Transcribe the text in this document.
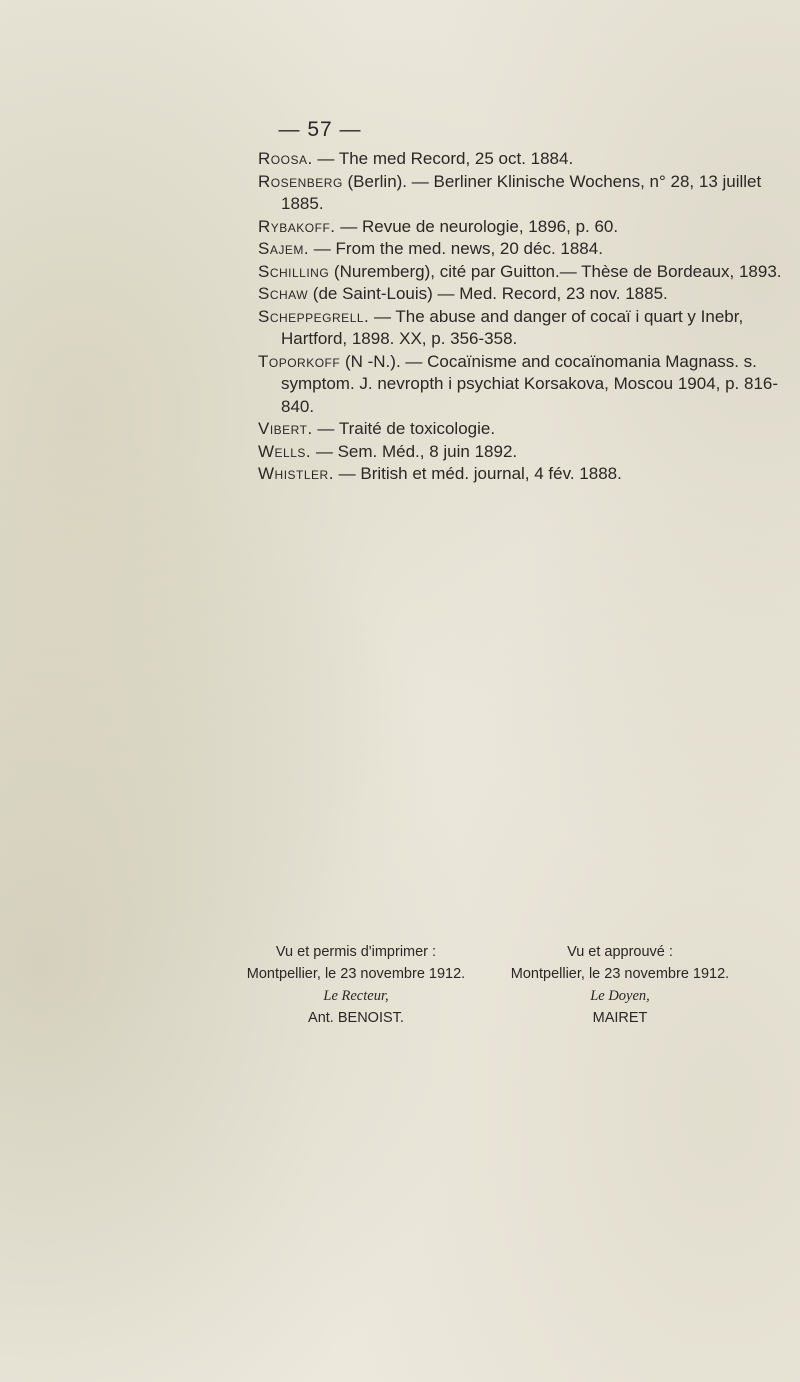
— 57 —

Roosa. — The med Record, 25 oct. 1884.

Rosenberg (Berlin). — Berliner Klinische Wochens, n° 28, 13 juillet 1885.

Rybakoff. — Revue de neurologie, 1896, p. 60.

Sajem. — From the med. news, 20 déc. 1884.

Schilling (Nuremberg), cité par Guitton.— Thèse de Bordeaux, 1893.

Schaw (de Saint-Louis) — Med. Record, 23 nov. 1885.

Scheppegrell. — The abuse and danger of cocaï i quart y Inebr, Hartford, 1898. XX, p. 356-358.

Toporkoff (N -N.). — Cocaïnisme and cocaïnomania Magnass. s. symptom. J. nevropth i psychiat Korsakova, Moscou 1904, p. 816-840.

Vibert. — Traité de toxicologie.

Wells. — Sem. Méd., 8 juin 1892.

Whistler. — British et méd. journal, 4 fév. 1888.

Vu et permis d'imprimer :
Montpellier, le 23 novembre 1912.
Le Recteur,
Ant. BENOIST.
Vu et approuvé :
Montpellier, le 23 novembre 1912.
Le Doyen,
MAIRET
